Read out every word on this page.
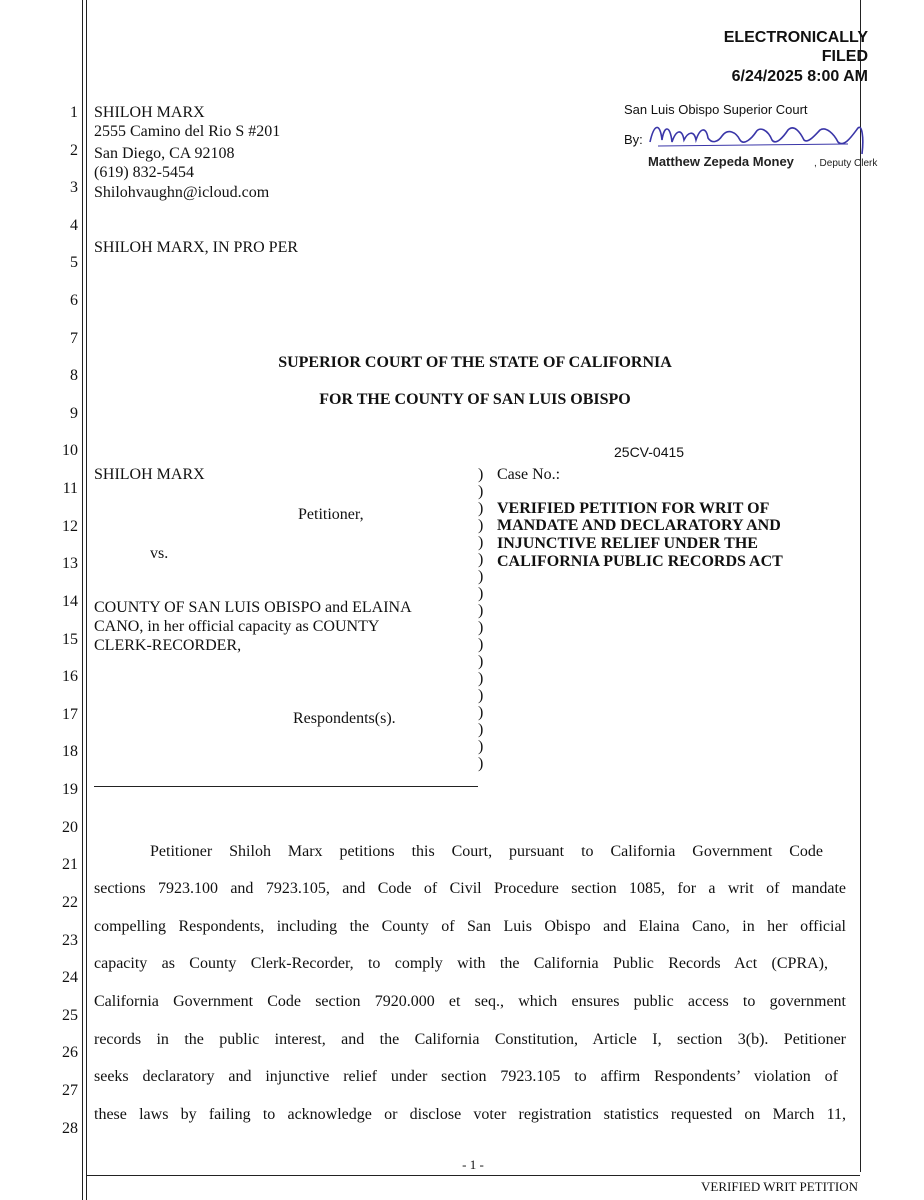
1
2
3
4
5
6
7
8
9
10
11
12
13
14
15
16
17
18
19
20
21
22
23
24
25
26
27
28
ELECTRONICALLY
FILED
6/24/2025 8:00 AM
San Luis Obispo Superior Court
By:
Matthew Zepeda Money , Deputy Clerk
SHILOH MARX
2555 Camino del Rio S #201
San Diego, CA 92108
(619) 832-5454
Shilohvaughn@icloud.com
SHILOH MARX, IN PRO PER
SUPERIOR COURT OF THE STATE OF CALIFORNIA
FOR THE COUNTY OF SAN LUIS OBISPO
25CV-0415
SHILOH MARX
Petitioner,
vs.
COUNTY OF SAN LUIS OBISPO and ELAINA
CANO, in her official capacity as COUNTY
CLERK-RECORDER,
Respondents(s).
)
)
)
)
)
)
)
)
)
)
)
)
)
)
)
)
)
)
Case No.:
VERIFIED PETITION FOR WRIT OF
MANDATE AND DECLARATORY AND
INJUNCTIVE RELIEF UNDER THE
CALIFORNIA PUBLIC RECORDS ACT
Petitioner Shiloh Marx petitions this Court, pursuant to California Government Code
sections 7923.100 and 7923.105, and Code of Civil Procedure section 1085, for a writ of mandate
compelling Respondents, including the County of San Luis Obispo and Elaina Cano, in her official
capacity as County Clerk-Recorder, to comply with the California Public Records Act (CPRA),
California Government Code section 7920.000 et seq., which ensures public access to government
records in the public interest, and the California Constitution, Article I, section 3(b). Petitioner
seeks declaratory and injunctive relief under section 7923.105 to affirm Respondents’ violation of
these laws by failing to acknowledge or disclose voter registration statistics requested on March 11,
- 1 -
VERIFIED WRIT PETITION
